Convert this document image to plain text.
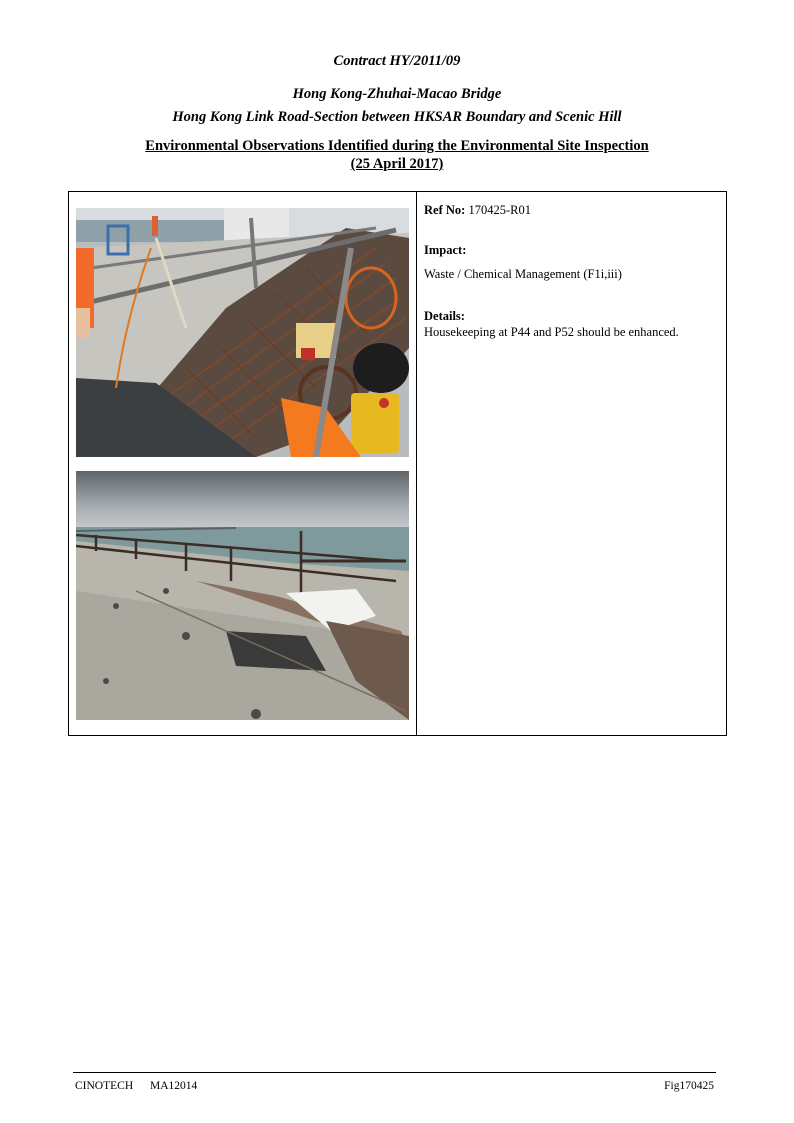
Contract HY/2011/09
Hong Kong-Zhuhai-Macao Bridge
Hong Kong Link Road-Section between HKSAR Boundary and Scenic Hill
Environmental Observations Identified during the Environmental Site Inspection
(25 April 2017)
Ref No: 170425-R01
Impact:
Waste / Chemical Management (F1i,iii)
Details:
Housekeeping at P44 and P52 should be enhanced.
CINOTECH MA12014	Fig170425
